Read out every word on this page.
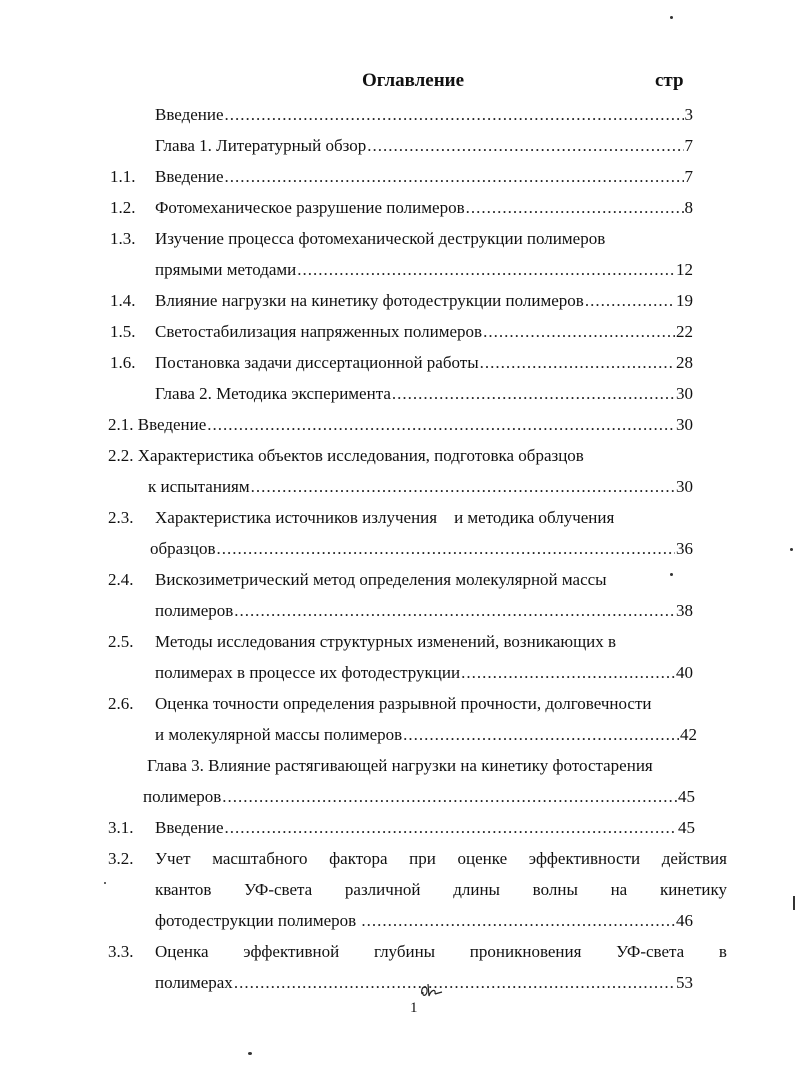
Оглавление	стр
Введение .....	3
Глава 1. Литературный обзор .....	7
1.1. Введение .....	7
1.2. Фотомеханическое разрушение полимеров .....	8
1.3. Изучение процесса фотомеханической деструкции полимеров
прямыми методами .....	12
1.4. Влияние нагрузки на кинетику фотодеструкции полимеров .....	19
1.5. Светостабилизация напряженных полимеров .....	22
1.6. Постановка задачи диссертационной работы .....	28
Глава 2. Методика эксперимента .....	30
2.1. Введение .....	30
2.2. Характеристика объектов исследования, подготовка образцов
к испытаниям .....	30
2.3. Характеристика источников излучения    и методика облучения
образцов .....	36
2.4. Вискозиметрический метод определения молекулярной массы
полимеров .....	38
2.5. Методы исследования структурных изменений, возникающих в
полимерах в процессе их фотодеструкции .....	40
2.6. Оценка точности определения разрывной прочности, долговечности
и молекулярной массы полимеров .....	42
Глава 3. Влияние растягивающей нагрузки на кинетику фотостарения
полимеров .....	45
3.1. Введение .....	45
3.2. Учет масштабного фактора при оценке эффективности действия
квантов УФ-света различной длины волны на кинетику
фотодеструкции полимеров .....	46
3.3. Оценка эффективной глубины проникновения УФ-света в
полимерах .....	53
1
